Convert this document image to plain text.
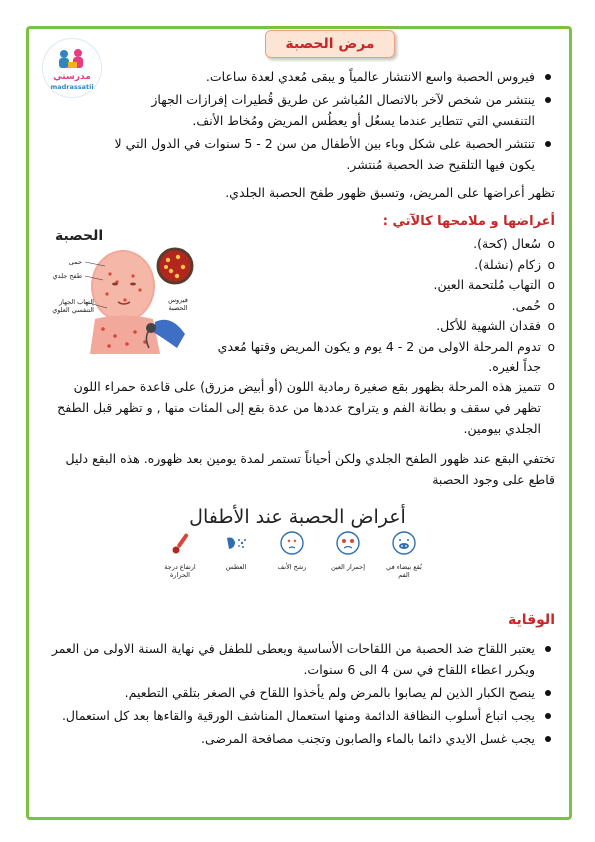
مدرستي
madrassatii
مرض الحصبة
فيروس الحصبة واسع الانتشار عالمياً و يبقى مُعدي لعدة ساعات.
ينتشر من شخص لآخر بالاتصال المُباشر عن طريق قُطيرات إفرازات الجهاز التنفسي التي تتطاير عندما يسعُل أو يعطُس المريض ومُخاط الأنف.
تنتشر الحصبة على شكل وباء بين الأطفال من سن 2 - 5 سنوات في الدول التي لا يكون فيها التلقيح ضد الحصبة مُنتشر.

تظهر أعراضها على المريض، وتسبق ظهور طفح الحصبة الجلدي.

أعراضها و ملامحها كالآتي :
o سُعال (كحة).
o زكام (نشلة).
o التهاب مُلتحمة العين.
o حُمى.
o فقدان الشهية للأكل.
o تدوم المرحلة الاولى من 2 - 4 يوم و يكون المريض وقتها مُعدي جداً لغيره.
o تتميز هذه المرحلة بظهور بقع صغيرة رمادية اللون (أو أبيض مزرق) على قاعدة حمراء اللون تظهر في سقف و بطانة الفم و يتراوح عددها من عدة بقع إلى المئات منها , و تظهر قبل الطفح الجلدي بيومين.
الحصبة
حمى
طفح جلدي
إلتهاب الجهاز التنفسي العلوي
فيروس الحصبة

تختفي البقع عند ظهور الطفح الجلدي ولكن أحياناً تستمر لمدة يومين بعد ظهوره. هذه البقع دليل قاطع على وجود الحصبة

أعراض الحصبة عند الأطفال
بُقع بيضاء في الفم
إحمرار العين
رشح الأنف
العطس
ارتفاع درجة الحرارة
الوقاية
يعتبر اللقاح ضد الحصبة من اللقاحات الأساسية ويعطى للطفل في نهاية السنة الاولى من العمر ويكرر اعطاء اللقاح في سن 4 الى 6 سنوات.
ينصح الكبار الذين لم يصابوا بالمرض ولم يأخذوا اللقاح في الصغر بتلقي التطعيم.
يجب اتباع أسلوب النظافة الدائمة ومنها استعمال المناشف الورقية والقاءها بعد كل استعمال.
يجب غسل الايدي دائما بالماء والصابون وتجنب مصافحة المرضى.
